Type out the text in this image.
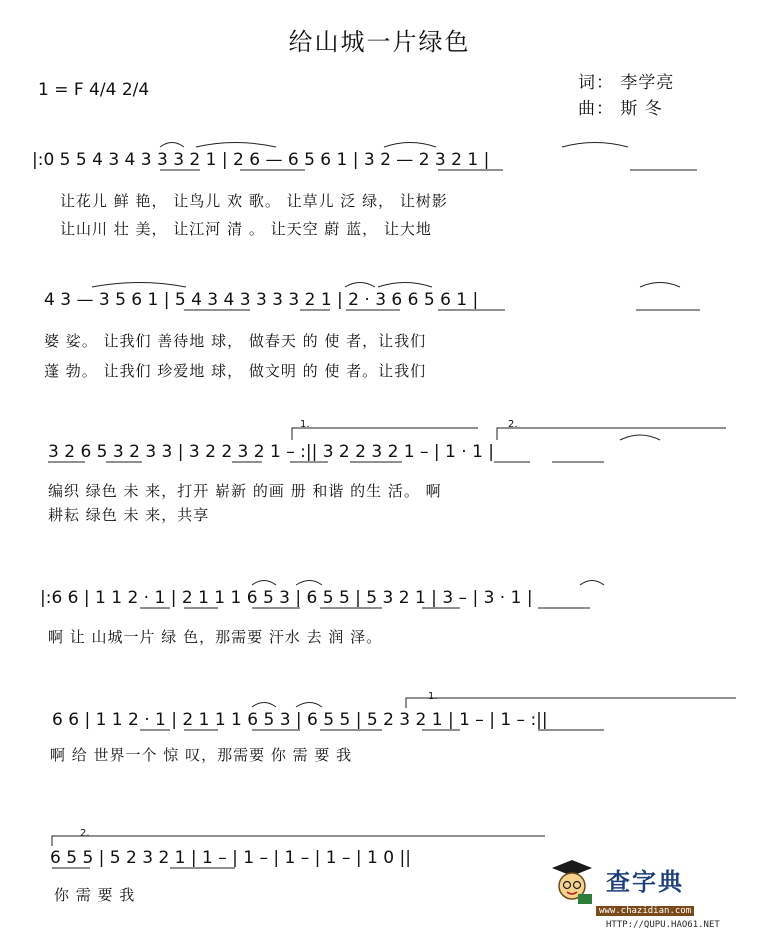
给山城一片绿色
1 = F 4/4 2/4	词： 李学亮
曲： 斯 冬
|:0 5 5 4 3 4 3 3 3 2 1 | 2 6 — 6 5 6 1 | 3 2 — 2 3 2 1 |
让花儿 鲜 艳， 让鸟儿 欢 歌。 让草儿 泛 绿， 让树影
让山川 壮 美， 让江河 清 。 让天空 蔚 蓝， 让大地
4 3 — 3 5 6 1 | 5 4 3 4 3 3 3 3 2 1 | 2 · 3 6 6 5 6 1 |
婆 娑。 让我们 善待地 球， 做春天 的 使 者，让我们
蓬 勃。 让我们 珍爱地 球， 做文明 的 使 者。让我们
1.	2.
3 2 6 5 3 2 3 3 | 3 2 2 3 2 1 – :|| 3 2 2 3 2 1 – | 1 · 1 |
编织 绿色 未 来，打开 崭新 的画 册 和谐 的生 活。 啊
耕耘 绿色 未 来，共享
|:6 6 | 1 1 2 · 1 | 2 1 1 1 6 5 3 | 6 5 5 | 5 3 2 1 | 3 – | 3 · 1 |
啊 让 山城一片 绿 色，那需要 汗水 去 润 泽。
1.
6 6 | 1 1 2 · 1 | 2 1 1 1 6 5 3 | 6 5 5 | 5 2 3 2 1 | 1 – | 1 – :||
啊 给 世界一个 惊 叹，那需要 你 需 要 我
2.
6 5 5 | 5 2 3 2 1 | 1 – | 1 – | 1 – | 1 – | 1 0 ||
你 需 要 我	查字典
www.chazidian.com
HTTP://QUPU.HAO61.NET
